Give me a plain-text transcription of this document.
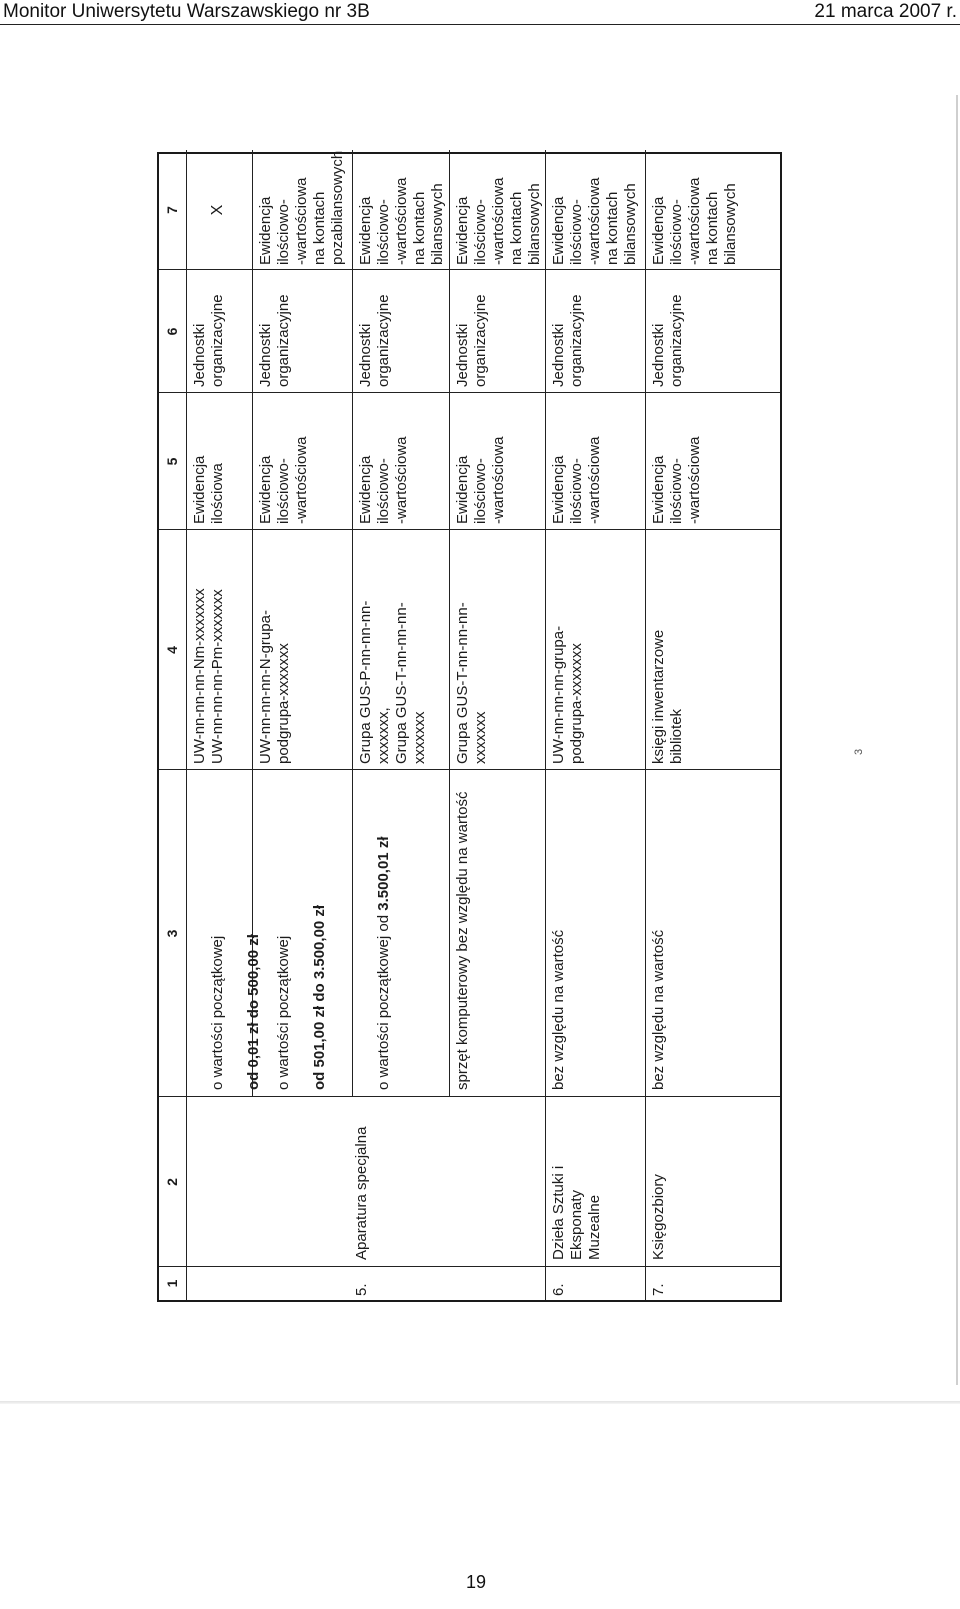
Monitor Uniwersytetu Warszawskiego nr 3B	21 marca 2007 r.
1
2
3
4
5
6
7
5.
Aparatura specjalna

o wartości początkowej od 0,01 zł do 500,00 zł

UW-nn-nn-nn-Nm-xxxxxxx
UW-nn-nn-nn-Pm-xxxxxxx
Ewidencja
ilościowa
Jednostki
organizacyjne
X

o wartości początkowej od 501,00 zł do 3.500,00 zł

UW-nn-nn-nn-N-grupa-
podgrupa-xxxxxxx
Ewidencja
ilościowo-
-wartościowa
Jednostki
organizacyjne
Ewidencja
ilościowo-
-wartościowa
na kontach
pozabilansowych

o wartości początkowej od 3.500,01 zł

Grupa GUS-P-nn-nn-nn-
xxxxxxx,
Grupa GUS-T-nn-nn-nn-
xxxxxxx
Ewidencja
ilościowo-
-wartościowa
Jednostki
organizacyjne
Ewidencja
ilościowo-
-wartościowa
na kontach
bilansowych
sprzęt komputerowy bez względu na wartość
Grupa GUS-T-nn-nn-nn-
xxxxxxx
Ewidencja
ilościowo-
-wartościowa
Jednostki
organizacyjne
Ewidencja
ilościowo-
-wartościowa
na kontach
bilansowych
6.
Dzieła Sztuki i Eksponaty
Muzealne
bez względu na wartość
UW-nn-nn-nn-grupa-
podgrupa-xxxxxxx
Ewidencja
ilościowo-
-wartościowa
Jednostki
organizacyjne
Ewidencja
ilościowo-
-wartościowa
na kontach
bilansowych
7.
Księgozbiory
bez względu na wartość
księgi inwentarzowe
bibliotek
Ewidencja
ilościowo-
-wartościowa
Jednostki
organizacyjne
Ewidencja
ilościowo-
-wartościowa
na kontach
bilansowych
3
19
